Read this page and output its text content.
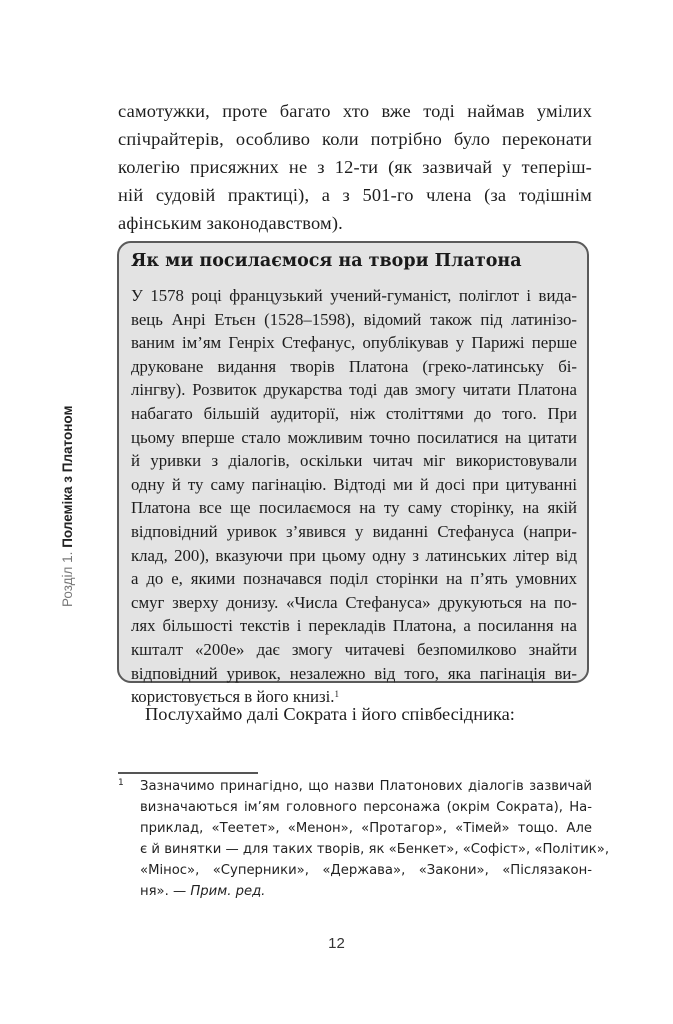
самотужки, проте багато хто вже тоді наймав умілих
спічрайтерів, особливо коли потрібно було переконати
колегію присяжних не з 12-ти (як зазвичай у теперіш-
ній судовій практиці), а з 501-го члена (за тодішнім
афінським законодавством).
Як ми посилаємося на твори Платона
У 1578 році французький учений-гуманіст, поліглот і вида-
вець Анрі Етьєн (1528–1598), відомий також під латинізо-
ваним ім’ям Генріх Стефанус, опублікував у Парижі перше
друковане видання творів Платона (греко-латинську бі-
лінгву). Розвиток друкарства тоді дав змогу читати Платона
набагато більшій аудиторії, ніж століттями до того. При
цьому вперше стало можливим точно посилатися на цитати
й уривки з діалогів, оскільки читач міг використовували
одну й ту саму пагінацію. Відтоді ми й досі при цитуванні
Платона все ще посилаємося на ту саму сторінку, на якій
відповідний уривок з’явився у виданні Стефануса (напри-
клад, 200), вказуючи при цьому одну з латинських літер від
а до е, якими позначався поділ сторінки на п’ять умовних
смуг зверху донизу. «Числа Стефануса» друкуються на по-
лях більшості текстів і перекладів Платона, а посилання на
кшталт «200е» дає змогу читачеві безпомилково знайти
відповідний уривок, незалежно від того, яка пагінація ви-
користовується в його книзі.$^1$

Послухаймо далі Сократа і його співбесідника:

1 Зазначимо принагідно, що назви Платонових діалогів зазвичай
визначаються ім’ям головного персонажа (окрім Сократа), На-
приклад, «Теетет», «Менон», «Протагор», «Тімей» тощо. Але
є й винятки — для таких творів, як «Бенкет», «Софіст», «Політик»,
«Мінос», «Суперники», «Держава», «Закони», «Післязакон-
ня». — Прим. ред.
Розділ 1. Полеміка з Платоном
12
